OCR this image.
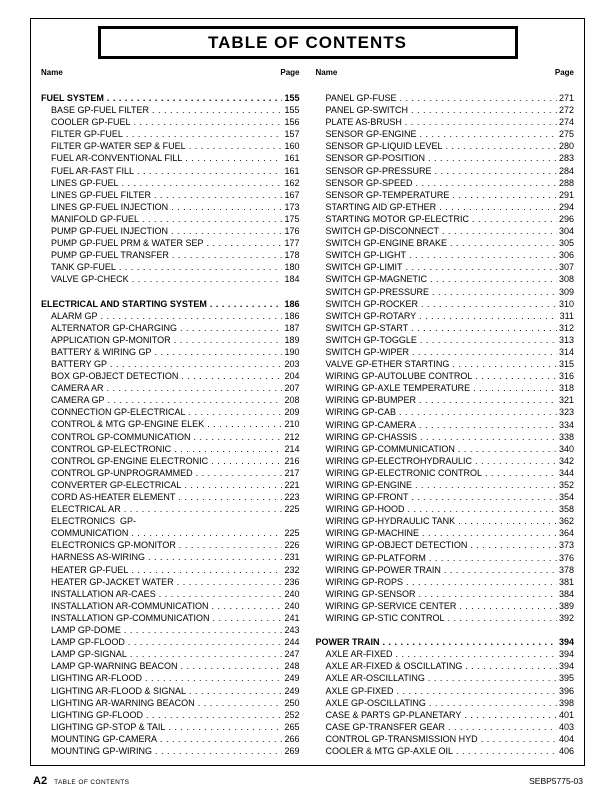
TABLE OF CONTENTS
Name	Page Name	Page
FUEL SYSTEM . . .	155
BASE GP-FUEL FILTER . . .	155
COOLER GP-FUEL . . .	156
FILTER GP-FUEL . . .	157
FILTER GP-WATER SEP & FUEL . . .	160
FUEL AR-CONVENTIONAL FILL . . .	161
FUEL AR-FAST FILL . . .	161
LINES GP-FUEL . . .	162
LINES GP-FUEL FILTER . . .	167
LINES GP-FUEL INJECTION . . .	173
MANIFOLD GP-FUEL . . .	175
PUMP GP-FUEL INJECTION . . .	176
PUMP GP-FUEL PRM & WATER SEP . . .	177
PUMP GP-FUEL TRANSFER . . .	178
TANK GP-FUEL . . .	180
VALVE GP-CHECK . . .	184
ELECTRICAL AND STARTING SYSTEM . . .	186
ALARM GP . . .	186
ALTERNATOR GP-CHARGING . . .	187
APPLICATION GP-MONITOR . . .	189
BATTERY & WIRING GP . . .	190
BATTERY GP . . .	203
BOX GP-OBJECT DETECTION . . .	204
CAMERA AR . . .	207
CAMERA GP . . .	208
CONNECTION GP-ELECTRICAL . . .	209
CONTROL & MTG GP-ENGINE ELEK . . .	210
CONTROL GP-COMMUNICATION . . .	212
CONTROL GP-ELECTRONIC . . .	214
CONTROL GP-ENGINE ELECTRONIC . . .	216
CONTROL GP-UNPROGRAMMED . . .	217
CONVERTER GP-ELECTRICAL . . .	221
CORD AS-HEATER ELEMENT . . .	223
ELECTRICAL AR . . .	225
ELECTRONICS  GP-
COMMUNICATION . . .	225
ELECTRONICS GP-MONITOR . . .	226
HARNESS AS-WIRING . . .	231
HEATER GP-FUEL . . .	232
HEATER GP-JACKET WATER . . .	236
INSTALLATION AR-CAES . . .	240
INSTALLATION AR-COMMUNICATION . . .	240
INSTALLATION GP-COMMUNICATION . . .	241
LAMP GP-DOME . . .	243
LAMP GP-FLOOD . . .	244
LAMP GP-SIGNAL . . .	247
LAMP GP-WARNING BEACON . . .	248
LIGHTING AR-FLOOD . . .	249
LIGHTING AR-FLOOD & SIGNAL . . .	249
LIGHTING AR-WARNING BEACON . . .	250
LIGHTING GP-FLOOD . . .	252
LIGHTING GP-STOP & TAIL . . .	265
MOUNTING GP-CAMERA . . .	266
MOUNTING GP-WIRING . . .	269
PANEL GP-FUSE . . .	271
PANEL GP-SWITCH . . .	272
PLATE AS-BRUSH . . .	274
SENSOR GP-ENGINE . . .	275
SENSOR GP-LIQUID LEVEL . . .	280
SENSOR GP-POSITION . . .	283
SENSOR GP-PRESSURE . . .	284
SENSOR GP-SPEED . . .	288
SENSOR GP-TEMPERATURE . . .	291
STARTING AID GP-ETHER . . .	294
STARTING MOTOR GP-ELECTRIC . . .	296
SWITCH GP-DISCONNECT . . .	304
SWITCH GP-ENGINE BRAKE . . .	305
SWITCH GP-LIGHT . . .	306
SWITCH GP-LIMIT . . .	307
SWITCH GP-MAGNETIC . . .	308
SWITCH GP-PRESSURE . . .	309
SWITCH GP-ROCKER . . .	310
SWITCH GP-ROTARY . . .	311
SWITCH GP-START . . .	312
SWITCH GP-TOGGLE . . .	313
SWITCH GP-WIPER . . .	314
VALVE GP-ETHER STARTING . . .	315
WIRING GP-AUTOLUBE CONTROL . . .	316
WIRING GP-AXLE TEMPERATURE . . .	318
WIRING GP-BUMPER . . .	321
WIRING GP-CAB . . .	323
WIRING GP-CAMERA . . .	334
WIRING GP-CHASSIS . . .	338
WIRING GP-COMMUNICATION . . .	340
WIRING GP-ELECTROHYDRAULIC . . .	342
WIRING GP-ELECTRONIC CONTROL . . .	344
WIRING GP-ENGINE . . .	352
WIRING GP-FRONT . . .	354
WIRING GP-HOOD . . .	358
WIRING GP-HYDRAULIC TANK . . .	362
WIRING GP-MACHINE . . .	364
WIRING GP-OBJECT DETECTION . . .	373
WIRING GP-PLATFORM . . .	376
WIRING GP-POWER TRAIN . . .	378
WIRING GP-ROPS . . .	381
WIRING GP-SENSOR . . .	384
WIRING GP-SERVICE CENTER . . .	389
WIRING GP-STIC CONTROL . . .	392
POWER TRAIN . . .	394
AXLE AR-FIXED . . .	394
AXLE AR-FIXED & OSCILLATING . . .	394
AXLE AR-OSCILLATING . . .	395
AXLE GP-FIXED . . .	396
AXLE GP-OSCILLATING . . .	398
CASE & PARTS GP-PLANETARY . . .	401
CASE GP-TRANSFER GEAR . . .	403
CONTROL GP-TRANSMISSION HYD . . .	404
COOLER & MTG GP-AXLE OIL . . .	406
A2 TABLE OF CONTENTS	SEBP5775-03
